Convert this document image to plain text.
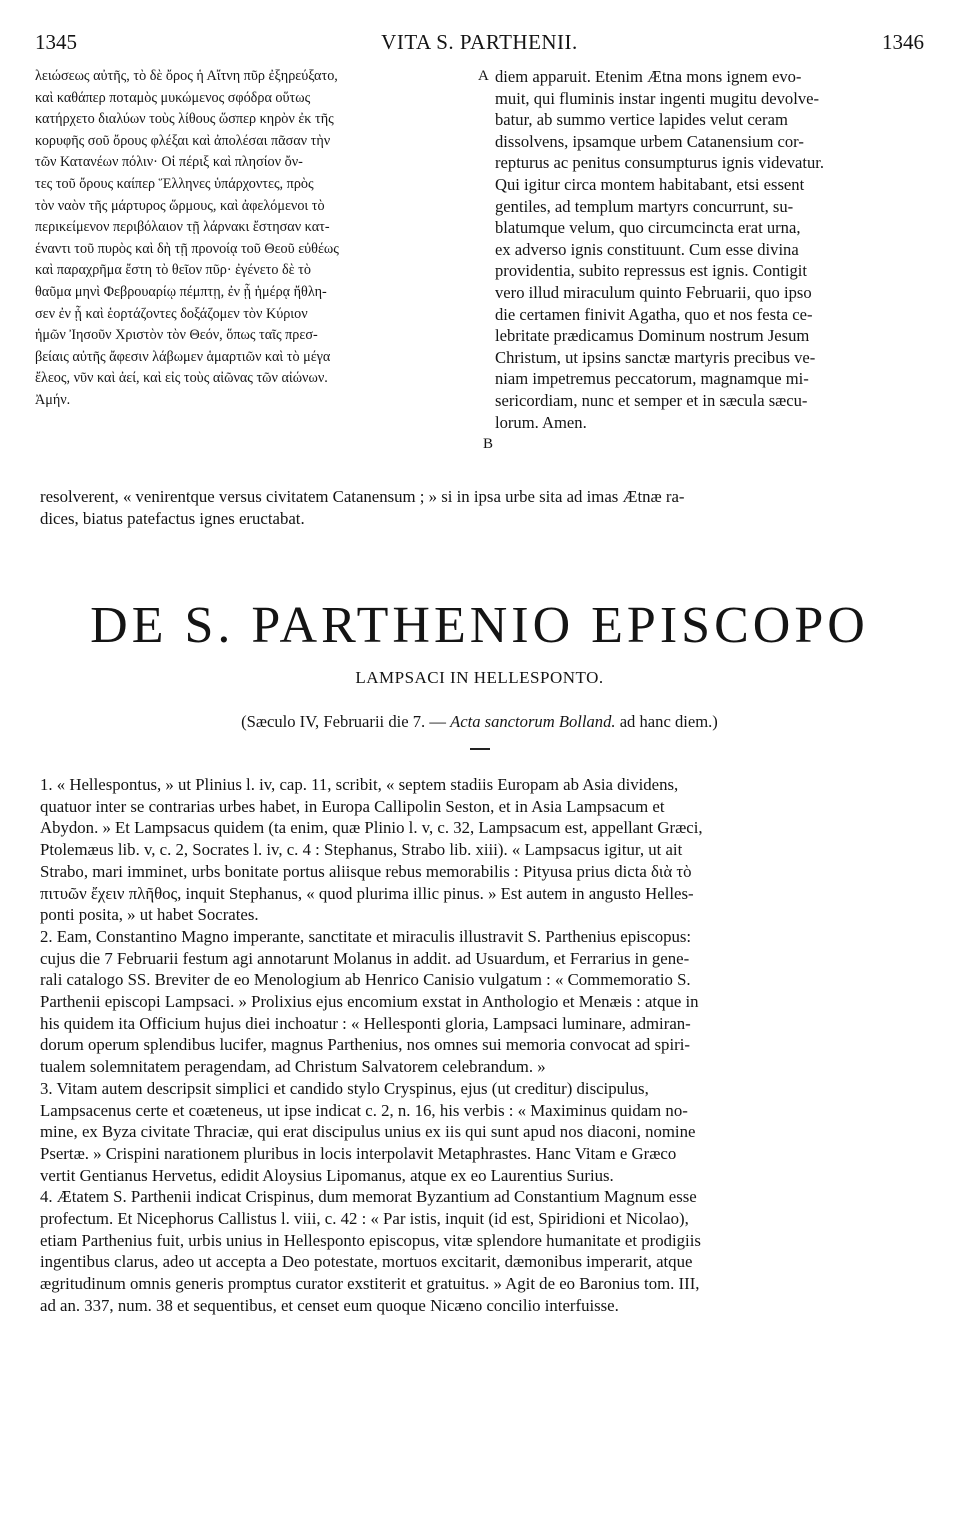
1345	VITA S. PARTHENII.	1346
λειώσεως αὐτῆς, τὸ δὲ ὄρος ἡ Αἴτνη πῦρ ἐξηρεύξατο,
καὶ καθάπερ ποταμὸς μυκώμενος σφόδρα οὕτως
κατήρχετο διαλύων τοὺς λίθους ὥσπερ κηρὸν ἐκ τῆς
κορυφῆς σοῦ ὄρους φλέξαι καὶ ἀπολέσαι πᾶσαν τὴν
τῶν Κατανέων πόλιν· Οἱ πέριξ καὶ πλησίον ὄν-
τες τοῦ ὄρους καίπερ Ἕλληνες ὑπάρχοντες, πρὸς
τὸν ναὸν τῆς μάρτυρος ὥρμους, καὶ ἀφελόμενοι τὸ
περικείμενον περιβόλαιον τῇ λάρνακι ἔστησαν κατ-
έναντι τοῦ πυρὸς καὶ δὴ τῇ προνοίᾳ τοῦ Θεοῦ εὐθέως
καὶ παραχρῆμα ἔστη τὸ θεῖον πῦρ· ἐγένετο δὲ τὸ
θαῦμα μηνὶ Φεβρουαρίῳ πέμπτῃ, ἐν ᾗ ἡμέρᾳ ἤθλη-
σεν ἐν ᾗ καὶ ἑορτάζοντες δοξάζομεν τὸν Κύριον
ἡμῶν Ἰησοῦν Χριστὸν τὸν Θεόν, ὅπως ταῖς πρεσ-
βείαις αὐτῆς ἄφεσιν λάβωμεν ἁμαρτιῶν καὶ τὸ μέγα
ἔλεος, νῦν καὶ ἀεί, καὶ εἰς τοὺς αἰῶνας τῶν αἰώνων.
Ἀμήν.
A
B
diem apparuit. Etenim Ætna mons ignem evo-
muit, qui fluminis instar ingenti mugitu devolve-
batur, ab summo vertice lapides velut ceram
dissolvens, ipsamque urbem Catanensium cor-
repturus ac penitus consumpturus ignis videvatur.
Qui igitur circa montem habitabant, etsi essent
gentiles, ad templum martyrs concurrunt, su-
blatumque velum, quo circumcincta erat urna,
ex adverso ignis constituunt. Cum esse divina
providentia, subito repressus est ignis. Contigit
vero illud miraculum quinto Februarii, quo ipso
die certamen finivit Agatha, quo et nos festa ce-
lebritate prædicamus Dominum nostrum Jesum
Christum, ut ipsins sanctæ martyris precibus ve-
niam impetremus peccatorum, magnamque mi-
sericordiam, nunc et semper et in sæcula sæcu-
lorum. Amen.
resolverent, « venirentque versus civitatem Catanensum ; » si in ipsa urbe sita ad imas Ætnæ ra-
dices, biatus patefactus ignes eructabat.
DE S. PARTHENIO EPISCOPO
LAMPSACI IN HELLESPONTO.
(Sæculo IV, Februarii die 7. — Acta sanctorum Bolland. ad hanc diem.)
1. « Hellespontus, » ut Plinius l. iv, cap. 11, scribit, « septem stadiis Europam ab Asia dividens,
quatuor inter se contrarias urbes habet, in Europa Callipolin Seston, et in Asia Lampsacum et
Abydon. » Et Lampsacus quidem (ta enim, quæ Plinio l. v, c. 32, Lampsacum est, appellant Græci,
Ptolemæus lib. v, c. 2, Socrates l. iv, c. 4 : Stephanus, Strabo lib. xiii). « Lampsacus igitur, ut ait
Strabo, mari imminet, urbs bonitate portus aliisque rebus memorabilis : Pityusa prius dicta διὰ τὸ
πιτυῶν ἔχειν πλῆθος, inquit Stephanus, « quod plurima illic pinus. » Est autem in angusto Helles-
ponti posita, » ut habet Socrates.
2. Eam, Constantino Magno imperante, sanctitate et miraculis illustravit S. Parthenius episcopus:
cujus die 7 Februarii festum agi annotarunt Molanus in addit. ad Usuardum, et Ferrarius in gene-
rali catalogo SS. Breviter de eo Menologium ab Henrico Canisio vulgatum : « Commemoratio S.
Parthenii episcopi Lampsaci. » Prolixius ejus encomium exstat in Anthologio et Menæis : atque in
his quidem ita Officium hujus diei inchoatur : « Hellesponti gloria, Lampsaci luminare, admiran-
dorum operum splendibus lucifer, magnus Parthenius, nos omnes sui memoria convocat ad spiri-
tualem solemnitatem peragendam, ad Christum Salvatorem celebrandum. »
3. Vitam autem descripsit simplici et candido stylo Cryspinus, ejus (ut creditur) discipulus,
Lampsacenus certe et coæteneus, ut ipse indicat c. 2, n. 16, his verbis : « Maximinus quidam no-
mine, ex Byza civitate Thraciæ, qui erat discipulus unius ex iis qui sunt apud nos diaconi, nomine
Psertæ. » Crispini narationem pluribus in locis interpolavit Metaphrastes. Hanc Vitam e Græco
vertit Gentianus Hervetus, edidit Aloysius Lipomanus, atque ex eo Laurentius Surius.
4. Ætatem S. Parthenii indicat Crispinus, dum memorat Byzantium ad Constantium Magnum esse
profectum. Et Nicephorus Callistus l. viii, c. 42 : « Par istis, inquit (id est, Spiridioni et Nicolao),
etiam Parthenius fuit, urbis unius in Hellesponto episcopus, vitæ splendore humanitate et prodigiis
ingentibus clarus, adeo ut accepta a Deo potestate, mortuos excitarit, dæmonibus imperarit, atque
ægritudinum omnis generis promptus curator exstiterit et gratuitus. » Agit de eo Baronius tom. III,
ad an. 337, num. 38 et sequentibus, et censet eum quoque Nicæno concilio interfuisse.
